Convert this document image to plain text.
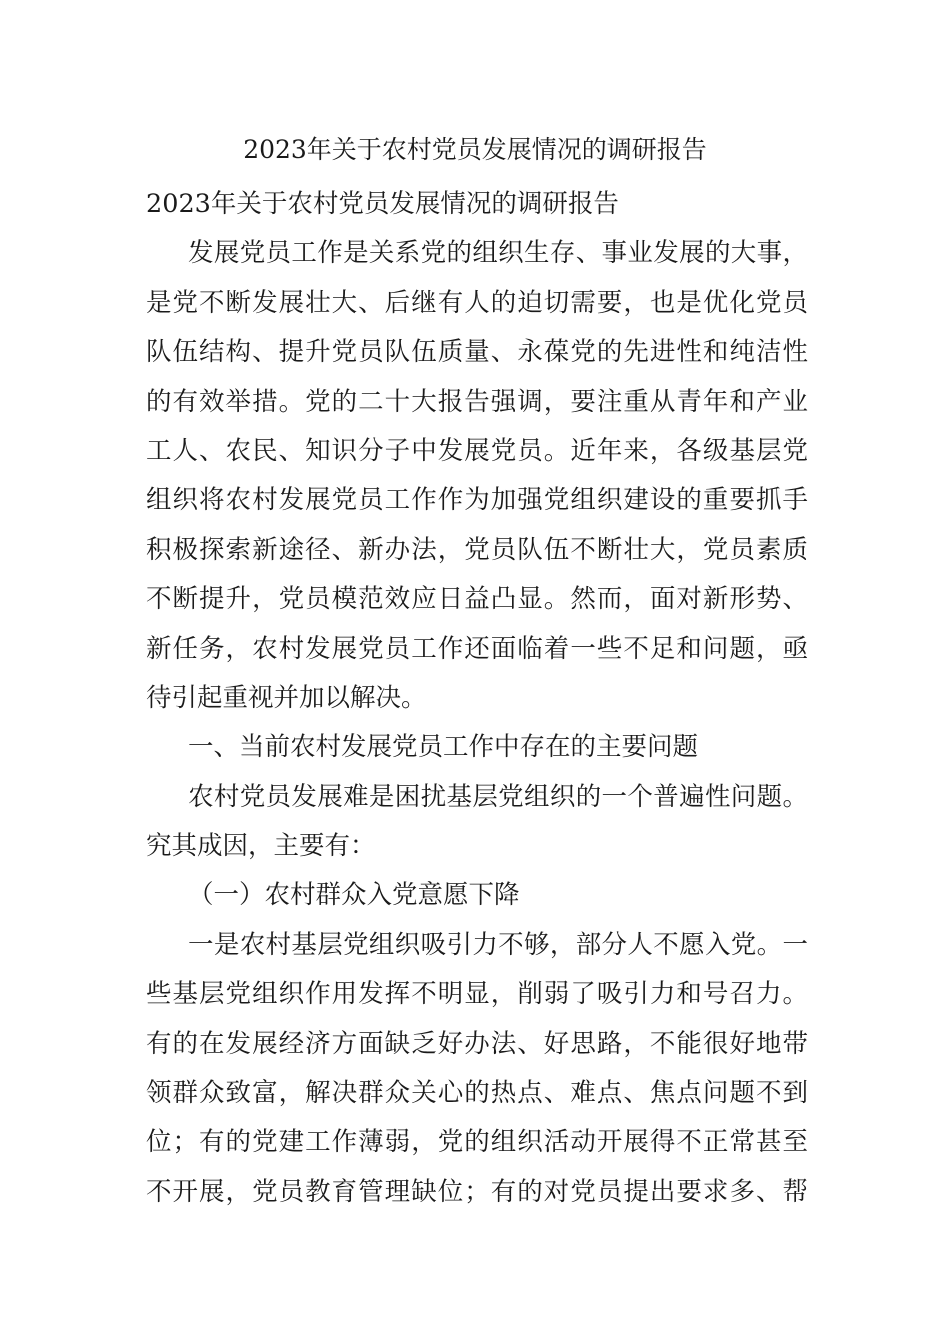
2023年关于农村党员发展情况的调研报告
2023年关于农村党员发展情况的调研报告
发展党员工作是关系党的组织生存、事业发展的大事，
是党不断发展壮大、后继有人的迫切需要，也是优化党员
队伍结构、提升党员队伍质量、永葆党的先进性和纯洁性
的有效举措。党的二十大报告强调，要注重从青年和产业
工人、农民、知识分子中发展党员。近年来，各级基层党
组织将农村发展党员工作作为加强党组织建设的重要抓手
积极探索新途径、新办法，党员队伍不断壮大，党员素质
不断提升，党员模范效应日益凸显。然而，面对新形势、
新任务，农村发展党员工作还面临着一些不足和问题，亟
待引起重视并加以解决。
一、当前农村发展党员工作中存在的主要问题
农村党员发展难是困扰基层党组织的一个普遍性问题。
究其成因，主要有：
（一）农村群众入党意愿下降
一是农村基层党组织吸引力不够，部分人不愿入党。一
些基层党组织作用发挥不明显，削弱了吸引力和号召力。
有的在发展经济方面缺乏好办法、好思路，不能很好地带
领群众致富，解决群众关心的热点、难点、焦点问题不到
位；有的党建工作薄弱，党的组织活动开展得不正常甚至
不开展，党员教育管理缺位；有的对党员提出要求多、帮
